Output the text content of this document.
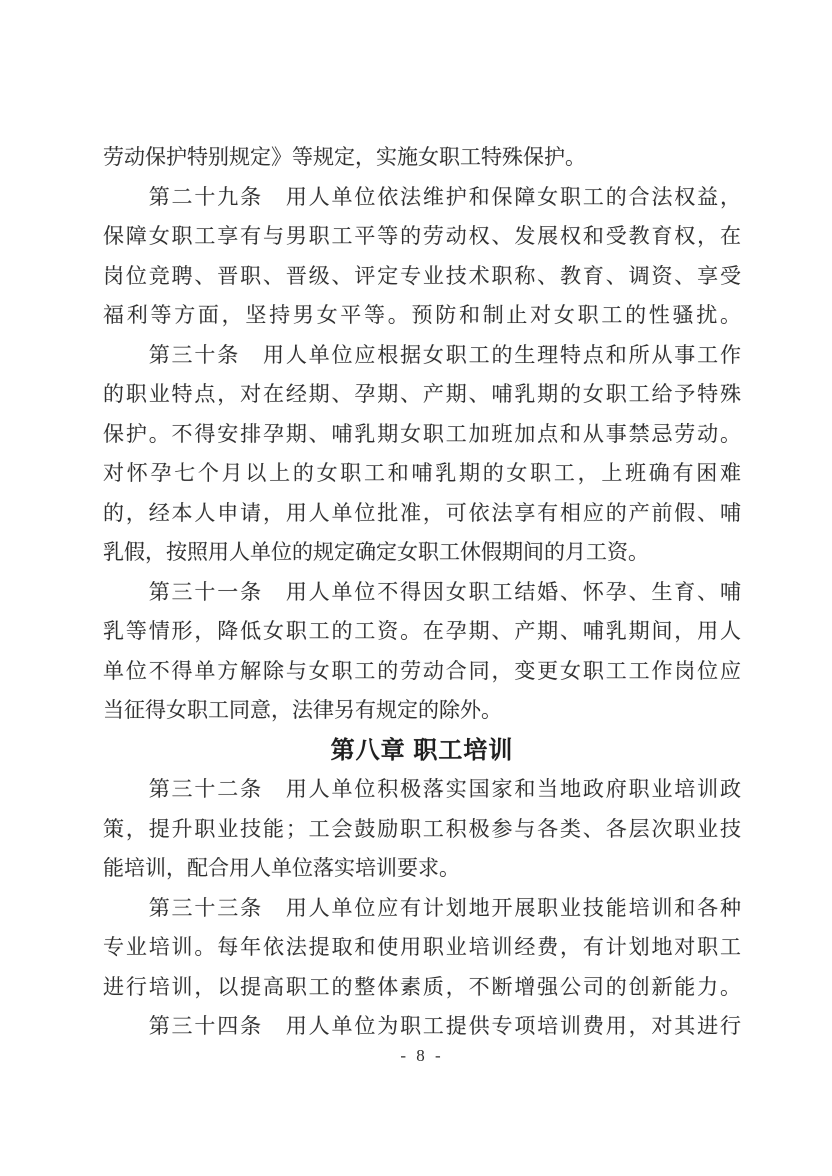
劳动保护特别规定》等规定，实施女职工特殊保护。
　　第二十九条　用人单位依法维护和保障女职工的合法权益，
保障女职工享有与男职工平等的劳动权、发展权和受教育权，在
岗位竞聘、晋职、晋级、评定专业技术职称、教育、调资、享受
福利等方面，坚持男女平等。预防和制止对女职工的性骚扰。
　　第三十条　用人单位应根据女职工的生理特点和所从事工作
的职业特点，对在经期、孕期、产期、哺乳期的女职工给予特殊
保护。不得安排孕期、哺乳期女职工加班加点和从事禁忌劳动。
对怀孕七个月以上的女职工和哺乳期的女职工，上班确有困难
的，经本人申请，用人单位批准，可依法享有相应的产前假、哺
乳假，按照用人单位的规定确定女职工休假期间的月工资。
　　第三十一条　用人单位不得因女职工结婚、怀孕、生育、哺
乳等情形，降低女职工的工资。在孕期、产期、哺乳期间，用人
单位不得单方解除与女职工的劳动合同，变更女职工工作岗位应
当征得女职工同意，法律另有规定的除外。
第八章 职工培训
　　第三十二条　用人单位积极落实国家和当地政府职业培训政
策，提升职业技能；工会鼓励职工积极参与各类、各层次职业技
能培训，配合用人单位落实培训要求。
　　第三十三条　用人单位应有计划地开展职业技能培训和各种
专业培训。每年依法提取和使用职业培训经费，有计划地对职工
进行培训，以提高职工的整体素质，不断增强公司的创新能力。
　　第三十四条　用人单位为职工提供专项培训费用，对其进行
- 8 -
